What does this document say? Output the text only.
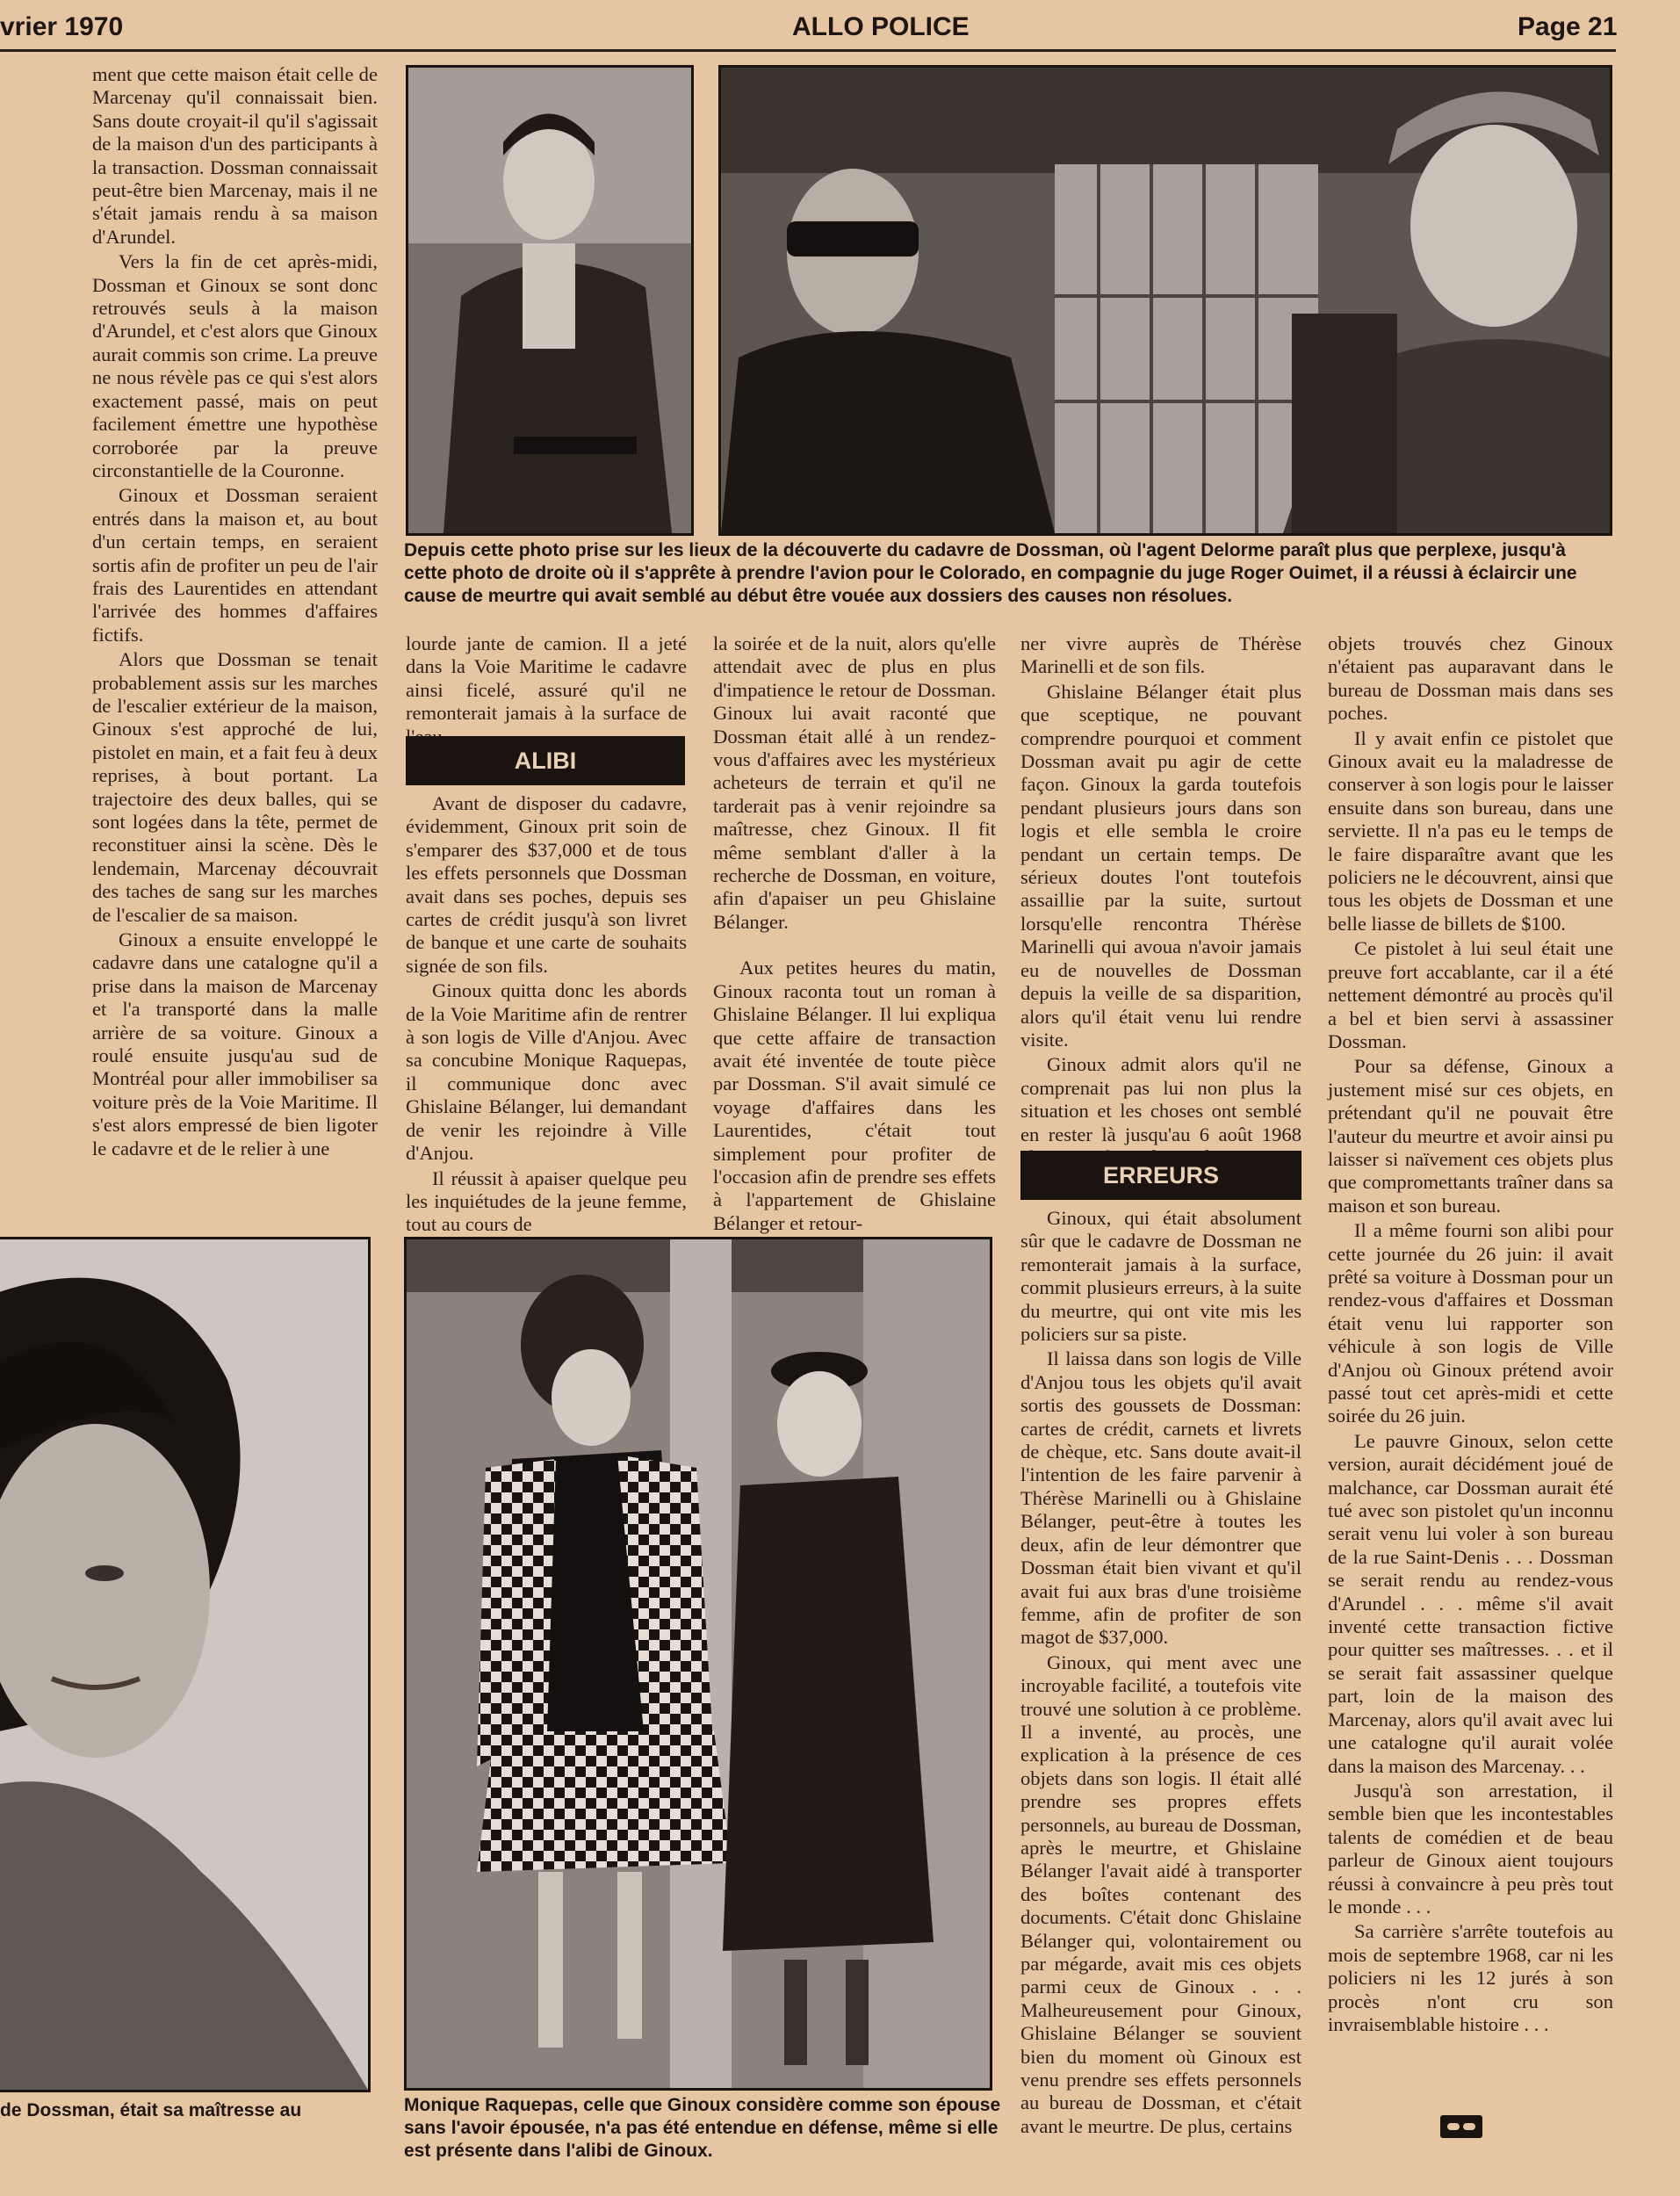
vrier 1970	ALLO POLICE	Page 21

ment que cette maison était celle de Marcenay qu'il connaissait bien. Sans doute croyait-il qu'il s'agissait de la maison d'un des participants à la transaction. Dossman connaissait peut-être bien Marcenay, mais il ne s'était jamais rendu à sa maison d'Arundel.

Vers la fin de cet après-midi, Dossman et Ginoux se sont donc retrouvés seuls à la maison d'Arundel, et c'est alors que Ginoux aurait commis son crime. La preuve ne nous révèle pas ce qui s'est alors exactement passé, mais on peut facilement émettre une hypothèse corroborée par la preuve circonstantielle de la Couronne.

Ginoux et Dossman seraient entrés dans la maison et, au bout d'un certain temps, en seraient sortis afin de profiter un peu de l'air frais des Laurentides en attendant l'arrivée des hommes d'affaires fictifs.

Alors que Dossman se tenait probablement assis sur les marches de l'escalier extérieur de la maison, Ginoux s'est approché de lui, pistolet en main, et a fait feu à deux reprises, à bout portant. La trajectoire des deux balles, qui se sont logées dans la tête, permet de reconstituer ainsi la scène. Dès le lendemain, Marcenay découvrait des taches de sang sur les marches de l'escalier de sa maison.

Ginoux a ensuite enveloppé le cadavre dans une catalogne qu'il a prise dans la maison de Marcenay et l'a transporté dans la malle arrière de sa voiture. Ginoux a roulé ensuite jusqu'au sud de Montréal pour aller immobiliser sa voiture près de la Voie Maritime. Il s'est alors empressé de bien ligoter le cadavre et de le relier à une

Depuis cette photo prise sur les lieux de la découverte du cadavre de Dossman, où l'agent Delorme paraît plus que perplexe, jusqu'à cette photo de droite où il s'apprête à prendre l'avion pour le Colorado, en compagnie du juge Roger Ouimet, il a réussi à éclaircir une cause de meurtre qui avait semblé au début être vouée aux dossiers des causes non résolues.

lourde jante de camion. Il a jeté dans la Voie Maritime le cadavre ainsi ficelé, assuré qu'il ne remonterait jamais à la surface de

ALIBI

Avant de disposer du cadavre, évidemment, Ginoux prit soin de s'emparer des $37,000 et de tous les effets personnels que Dossman avait dans ses poches, depuis ses cartes de crédit jusqu'à son livret de banque et une carte de souhaits signée de son fils.

Ginoux quitta donc les abords de la Voie Maritime afin de rentrer à son logis de Ville d'Anjou. Avec sa concubine Monique Raquepas, il communique donc avec Ghislaine Bélanger, lui demandant de venir les rejoindre à Ville d'Anjou.

Il réussit à apaiser quelque peu les inquiétudes de la jeune femme, tout au cours de

la soirée et de la nuit, alors qu'elle attendait avec de plus en plus d'impatience le retour de Dossman. Ginoux lui avait raconté que Dossman était allé à un rendez-vous d'affaires avec les mystérieux acheteurs de terrain et qu'il ne tarderait pas à venir rejoindre sa maîtresse, chez Ginoux. Il fit même semblant d'aller à la recherche de Dossman, en voiture, afin d'apaiser un peu Ghislaine Bélanger.

Aux petites heures du matin, Ginoux raconta tout un roman à Ghislaine Bélanger. Il lui expliqua que cette affaire de transaction avait été inventée de toute pièce par Dossman. S'il avait simulé ce voyage d'affaires dans les Laurentides, c'était tout simplement pour profiter de l'occasion afin de prendre ses effets à l'appartement de Ghislaine Bélanger et retour-

ner vivre auprès de Thérèse Marinelli et de son fils.

Ghislaine Bélanger était plus que sceptique, ne pouvant comprendre pourquoi et comment Dossman avait pu agir de cette façon. Ginoux la garda toutefois pendant plusieurs jours dans son logis et elle sembla le croire pendant un certain temps. De sérieux doutes l'ont toutefois assaillie par la suite, surtout lorsqu'elle rencontra Thérèse Marinelli qui avoua n'avoir jamais eu de nouvelles de Dossman depuis la veille de sa disparition, alors qu'il était venu lui rendre visite.

Ginoux admit alors qu'il ne comprenait pas lui non plus la situation et les choses ont semblé en rester là jusqu'au 6 août 1968

ERREURS

Ginoux, qui était absolument sûr que le cadavre de Dossman ne remonterait jamais à la surface, commit plusieurs erreurs, à la suite du meurtre, qui ont vite mis les policiers sur sa piste.

Il laissa dans son logis de Ville d'Anjou tous les objets qu'il avait sortis des goussets de Dossman: cartes de crédit, carnets et livrets de chèque, etc. Sans doute avait-il l'intention de les faire parvenir à Thérèse Marinelli ou à Ghislaine Bélanger, peut-être à toutes les deux, afin de leur démontrer que Dossman était bien vivant et qu'il avait fui aux bras d'une troisième femme, afin de profiter de son magot de $37,000.

Ginoux, qui ment avec une incroyable facilité, a toutefois vite trouvé une solution à ce problème. Il a inventé, au procès, une explication à la présence de ces objets dans son logis. Il était allé prendre ses propres effets personnels, au bureau de Dossman, après le meurtre, et Ghislaine Bélanger l'avait aidé à transporter des boîtes contenant des documents. C'était donc Ghislaine Bélanger qui, volontairement ou par mégarde, avait mis ces objets parmi ceux de Ginoux . . . Malheureusement pour Ginoux, Ghislaine Bélanger se souvient bien du moment où Ginoux est venu prendre ses effets personnels au bureau de Dossman, et c'était avant le meurtre. De plus, certains

objets trouvés chez Ginoux n'étaient pas auparavant dans le bureau de Dossman mais dans ses poches.

Il y avait enfin ce pistolet que Ginoux avait eu la maladresse de conserver à son logis pour le laisser ensuite dans son bureau, dans une serviette. Il n'a pas eu le temps de le faire disparaître avant que les policiers ne le découvrent, ainsi que tous les objets de Dossman et une belle liasse de billets de $100.

Ce pistolet à lui seul était une preuve fort accablante, car il a été nettement démontré au procès qu'il a bel et bien servi à assassiner Dossman.

Pour sa défense, Ginoux a justement misé sur ces objets, en prétendant qu'il ne pouvait être l'auteur du meurtre et avoir ainsi pu laisser si naïvement ces objets plus que compromettants traîner dans sa maison et son bureau.

Il a même fourni son alibi pour cette journée du 26 juin: il avait prêté sa voiture à Dossman pour un rendez-vous d'affaires et Dossman était venu lui rapporter son véhicule à son logis de Ville d'Anjou où Ginoux prétend avoir passé tout cet après-midi et cette soirée du 26 juin.

Le pauvre Ginoux, selon cette version, aurait décidément joué de malchance, car Dossman aurait été tué avec son pistolet qu'un inconnu serait venu lui voler à son bureau de la rue Saint-Denis . . . Dossman se serait rendu au rendez-vous d'Arundel . . . même s'il avait inventé cette transaction fictive pour quitter ses maîtresses. . . et il se serait fait assassiner quelque part, loin de la maison des Marcenay, alors qu'il avait avec lui une catalogne qu'il aurait volée dans la maison des Marcenay. . .

Jusqu'à son arrestation, il semble bien que les incontestables talents de comédien et de beau parleur de Ginoux aient toujours réussi à convaincre à peu près tout le monde . . .

Sa carrière s'arrête toutefois au mois de septembre 1968, car ni les policiers ni les 12 jurés à son procès n'ont cru son invraisemblable histoire . . .

de Dossman, était sa maîtresse au	Monique Raquepas, celle que Ginoux considère comme son épouse sans l'avoir épousée, n'a pas été entendue en défense, même si elle est présente dans l'alibi de Ginoux.
